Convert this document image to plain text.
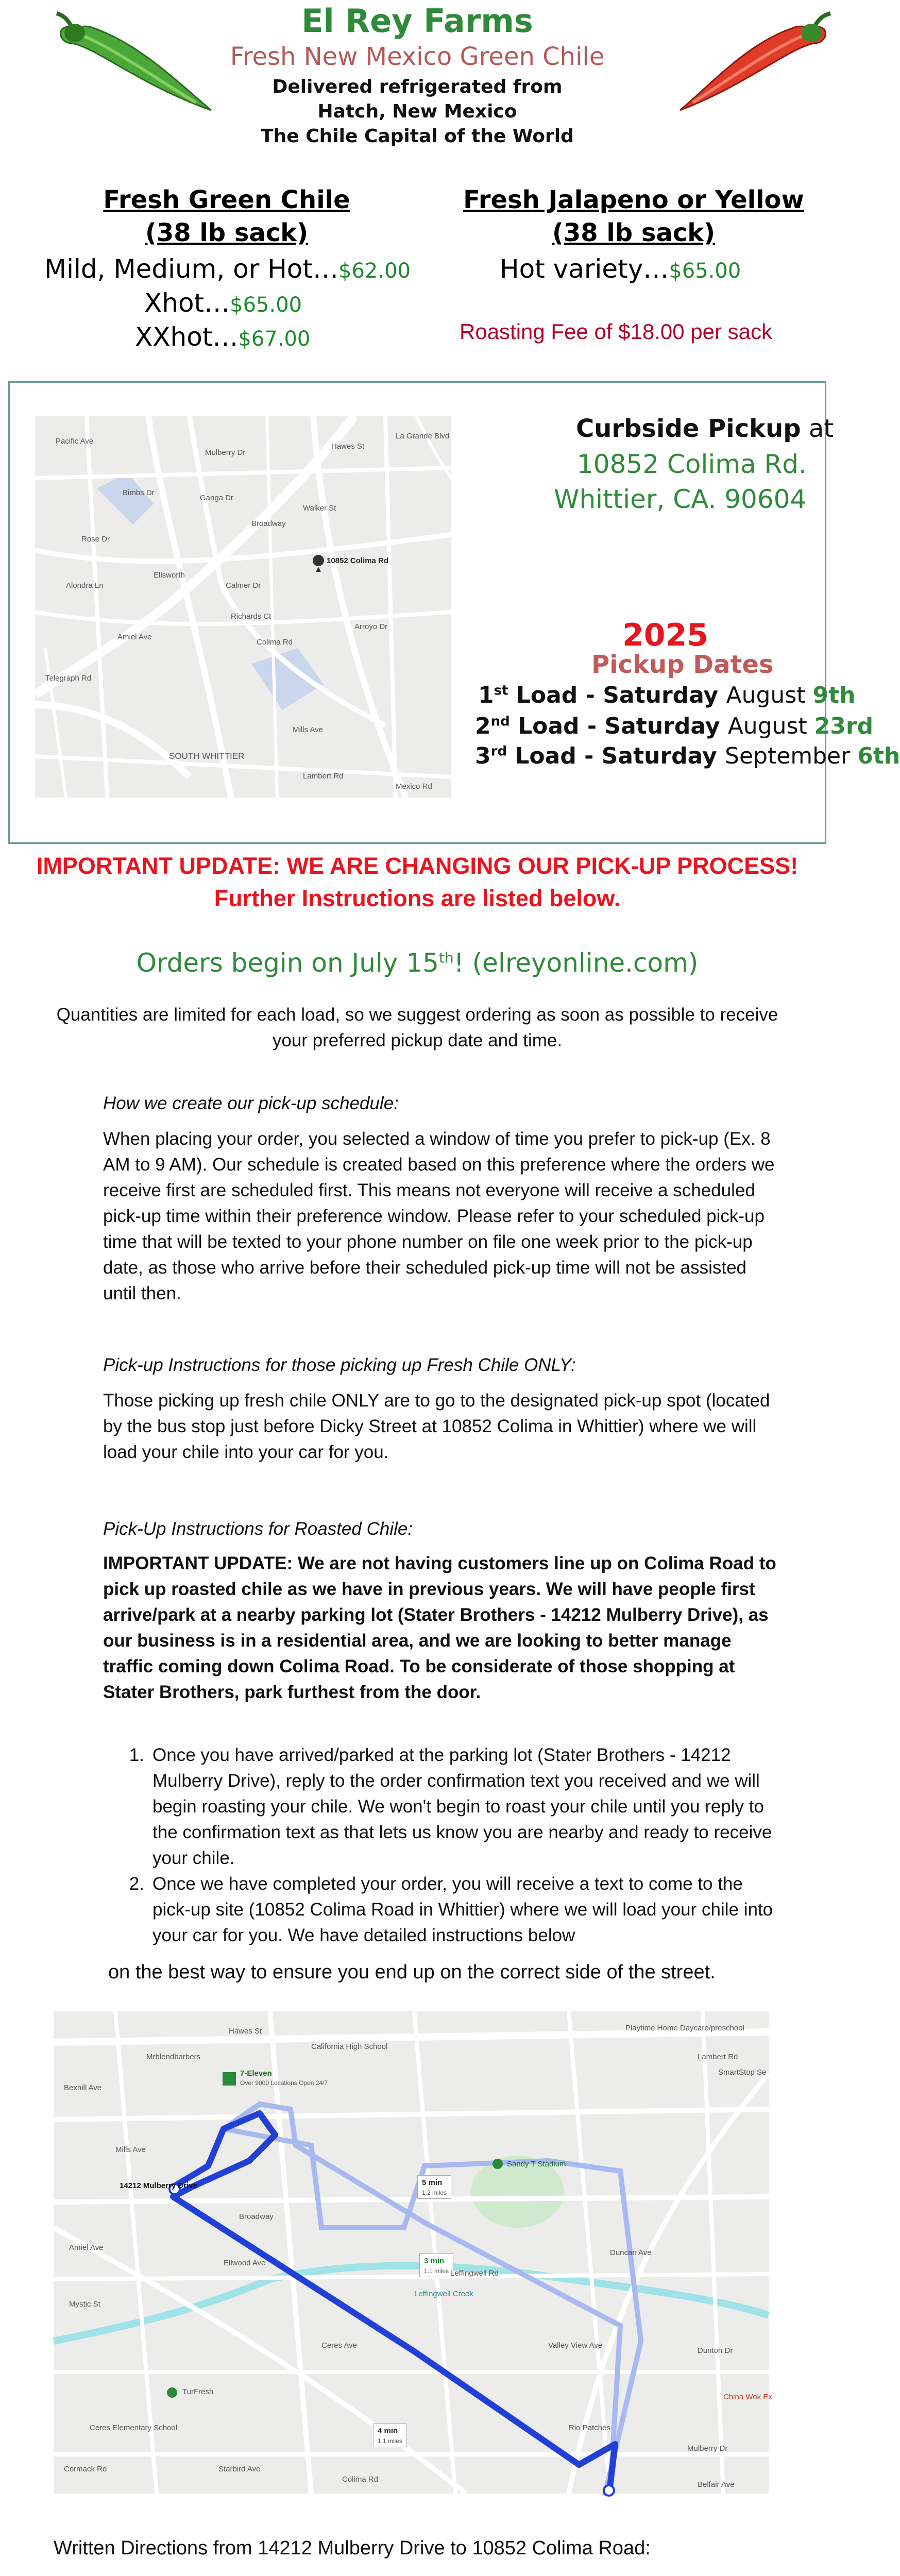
El Rey Farms
Fresh New Mexico Green Chile
Delivered refrigerated from
Hatch, New Mexico
The Chile Capital of the World
Fresh Green Chile
(38 lb sack)
Mild, Medium, or Hot…$62.00
Xhot…$65.00
XXhot…$67.00
Fresh Jalapeno or Yellow
(38 lb sack)
Hot variety…$65.00
Roasting Fee of $18.00 per sack
10852 Colima Rd
Mulberry Dr
Hawes St
La Grande Blvd
Pacific Ave
Telegraph Rd
Broadway
Colima Rd
Walker St
Arroyo Dr
Mills Ave
Richards Ct
Rose Dr
Lambert Rd
SOUTH WHITTIER
Bimbs Dr
Mexico Rd
Alondra Ln
Ellsworth
Ganga Dr
Calmer Dr
Amiel Ave
Curbside Pickup at
10852 Colima Rd.
Whittier, CA. 90604
2025
Pickup Dates
1st Load - Saturday August 9th
2nd Load - Saturday August 23rd
3rd Load - Saturday September 6th
IMPORTANT UPDATE: WE ARE CHANGING OUR PICK-UP PROCESS!
Further Instructions are listed below.
Orders begin on July 15th! (elreyonline.com)
Quantities are limited for each load, so we suggest ordering as soon as possible to receive your preferred pickup date and time.
How we create our pick-up schedule:
When placing your order, you selected a window of time you prefer to pick-up (Ex. 8 AM to 9 AM). Our schedule is created based on this preference where the orders we receive first are scheduled first. This means not everyone will receive a scheduled pick-up time within their preference window. Please refer to your scheduled pick-up time that will be texted to your phone number on file one week prior to the pick-up date, as those who arrive before their scheduled pick-up time will not be assisted until then.
Pick-up Instructions for those picking up Fresh Chile ONLY:
Those picking up fresh chile ONLY are to go to the designated pick-up spot (located by the bus stop just before Dicky Street at 10852 Colima in Whittier) where we will load your chile into your car for you.
Pick-Up Instructions for Roasted Chile:
IMPORTANT UPDATE: We are not having customers line up on Colima Road to pick up roasted chile as we have in previous years. We will have people first arrive/park at a nearby parking lot (Stater Brothers - 14212 Mulberry Drive), as our business is in a residential area, and we are looking to better manage traffic coming down Colima Road. To be considerate of those shopping at Stater Brothers, park furthest from the door.
1. Once you have arrived/parked at the parking lot (Stater Brothers - 14212 Mulberry Drive), reply to the order confirmation text you received and we will begin roasting your chile. We won't begin to roast your chile until you reply to the confirmation text as that lets us know you are nearby and ready to receive your chile.
2. Once we have completed your order, you will receive a text to come to the pick-up site (10852 Colima Road in Whittier) where we will load your chile into your car for you. We have detailed instructions below
on the best way to ensure you end up on the correct side of the street.
14212 Mulberry Drive
7-Eleven
Over 9000 Locations Open 24/7
5 min
1.2 miles
3 min
1.1 miles
4 min
1.1 miles
California High School
Sandy T Stadium
TurFresh
Ceres Elementary School
Leffingwell Creek
Mrblendbarbers
Playtime Home Daycare/preschool
SmartStop Se
China Wok Ex
Rio Patches
Hawes St
Mulberry Dr
Bexhill Ave
Amiel Ave
Mystic St
Broadway
Ellwood Ave
Leffingwell Rd
Ceres Ave
Colima Rd
Mills Ave
Lambert Rd
Valley View Ave
Dunton Dr
Belfair Ave
Cormack Rd	Starbird Ave
Duncan Ave
Written Directions from 14212 Mulberry Drive to 10852 Colima Road:
